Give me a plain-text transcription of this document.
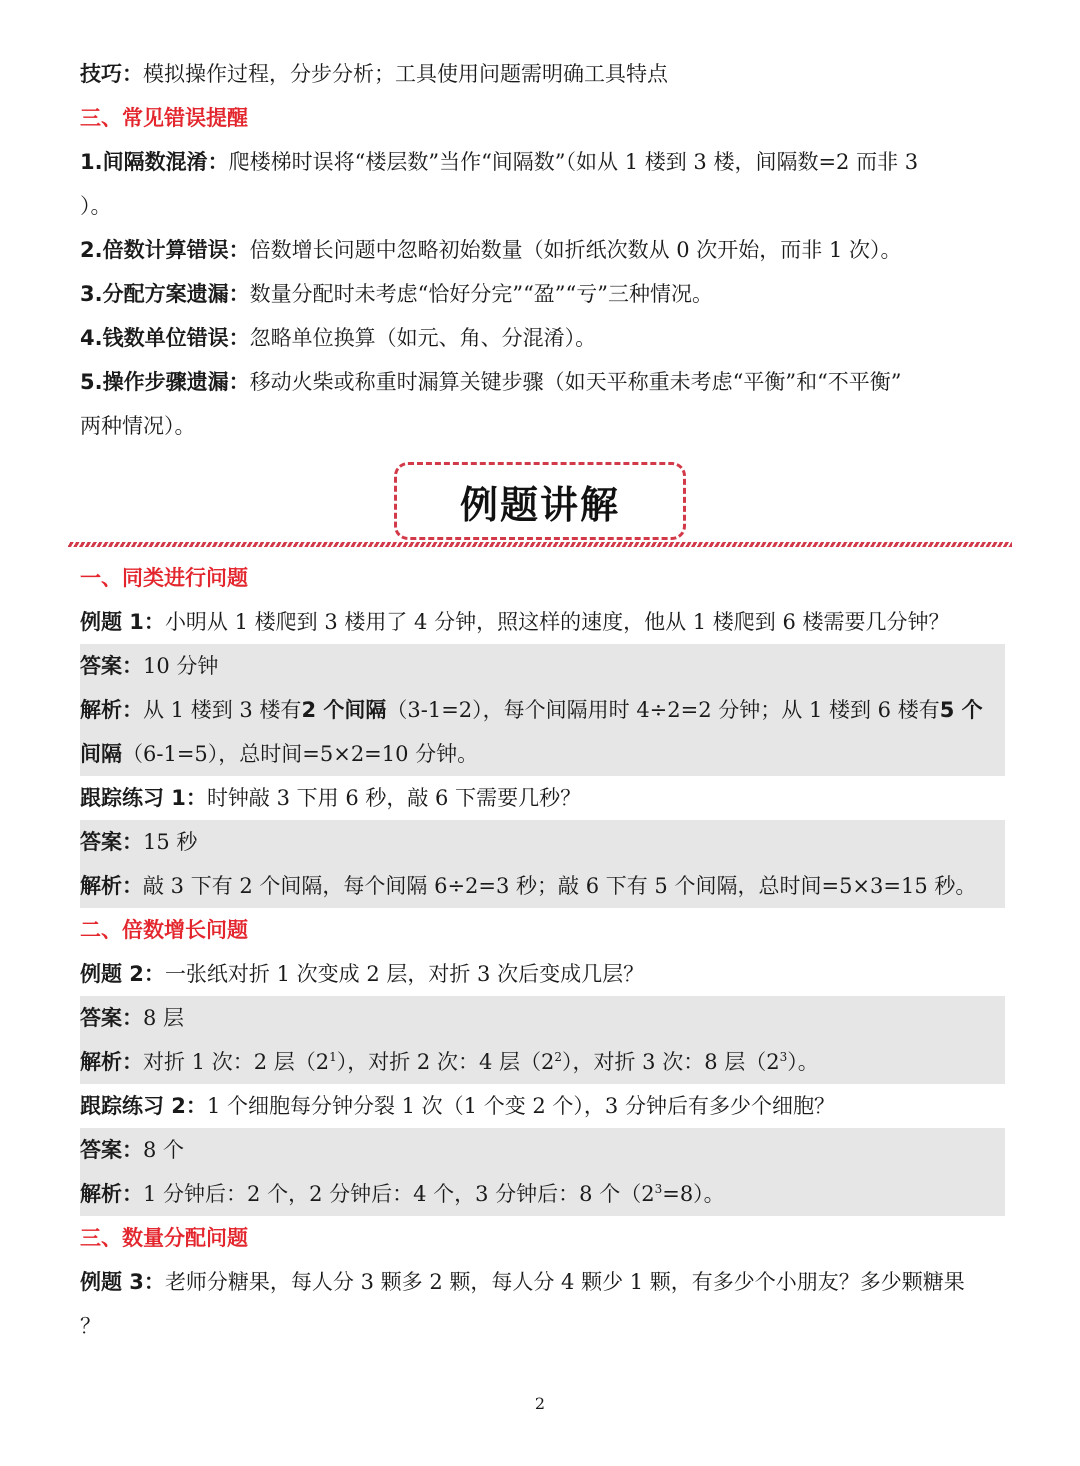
技巧：模拟操作过程，分步分析；工具使用问题需明确工具特点
三、常见错误提醒
1.间隔数混淆：爬楼梯时误将“楼层数”当作“间隔数”（如从 1 楼到 3 楼，间隔数=2 而非 3
）。
2.倍数计算错误：倍数增长问题中忽略初始数量（如折纸次数从 0 次开始，而非 1 次）。
3.分配方案遗漏：数量分配时未考虑“恰好分完”“盈”“亏”三种情况。
4.钱数单位错误：忽略单位换算（如元、角、分混淆）。
5.操作步骤遗漏：移动火柴或称重时漏算关键步骤（如天平称重未考虑“平衡”和“不平衡”
两种情况）。
例题讲解
一、同类进行问题
例题 1：小明从 1 楼爬到 3 楼用了 4 分钟，照这样的速度，他从 1 楼爬到 6 楼需要几分钟？
答案：10 分钟
解析：从 1 楼到 3 楼有2 个间隔（3-1=2），每个间隔用时 4÷2=2 分钟；从 1 楼到 6 楼有5 个
间隔（6-1=5），总时间=5×2=10 分钟。
跟踪练习 1：时钟敲 3 下用 6 秒，敲 6 下需要几秒？
答案：15 秒
解析：敲 3 下有 2 个间隔，每个间隔 6÷2=3 秒；敲 6 下有 5 个间隔，总时间=5×3=15 秒。
二、倍数增长问题
例题 2：一张纸对折 1 次变成 2 层，对折 3 次后变成几层？
答案：8 层
解析：对折 1 次：2 层$(2^1)$，对折 2 次：4 层$(2^2)$，对折 3 次：8 层$(2^3)$。
跟踪练习 2：1 个细胞每分钟分裂 1 次（1 个变 2 个），3 分钟后有多少个细胞？
答案：8 个
解析：1 分钟后：2 个，2 分钟后：4 个，3 分钟后：8 个$(2^3=8)$。
三、数量分配问题
例题 3：老师分糖果，每人分 3 颗多 2 颗，每人分 4 颗少 1 颗，有多少个小朋友？多少颗糖果
？
2
